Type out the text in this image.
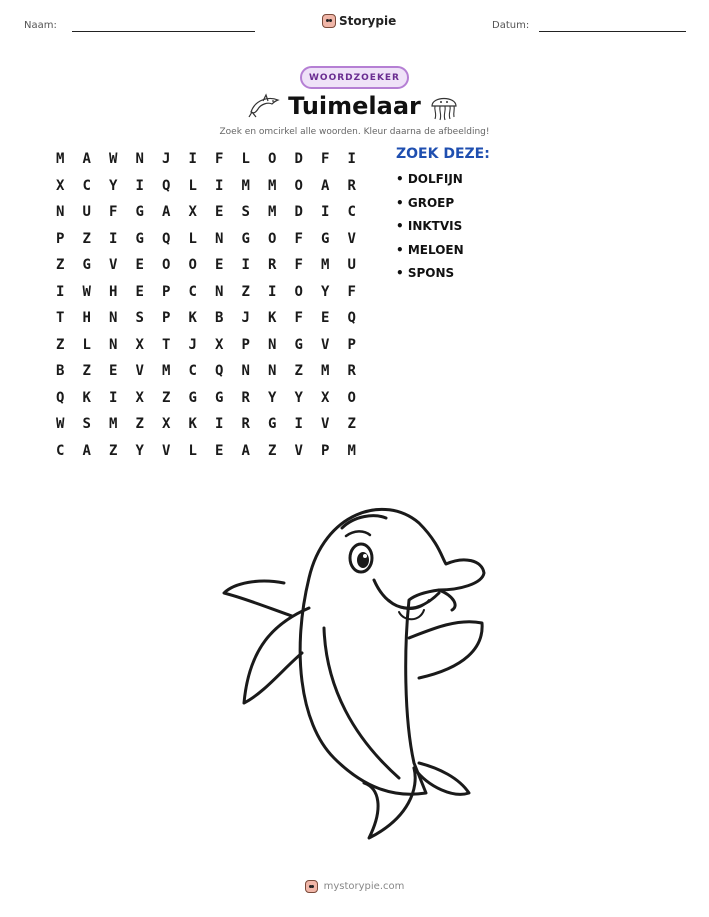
Naam:	Storypie	Datum:
WOORDZOEKER
Tuimelaar
Zoek en omcirkel alle woorden. Kleur daarna de afbeelding!
M	A	W	N	J	I	F	L	O	D	F	I
X	C	Y	I	Q	L	I	M	M	O	A	R
N	U	F	G	A	X	E	S	M	D	I	C
P	Z	I	G	Q	L	N	G	O	F	G	V
Z	G	V	E	O	O	E	I	R	F	M	U
I	W	H	E	P	C	N	Z	I	O	Y	F
T	H	N	S	P	K	B	J	K	F	E	Q
Z	L	N	X	T	J	X	P	N	G	V	P
B	Z	E	V	M	C	Q	N	N	Z	M	R
Q	K	I	X	Z	G	G	R	Y	Y	X	O
W	S	M	Z	X	K	I	R	G	I	V	Z
C	A	Z	Y	V	L	E	A	Z	V	P	M
ZOEK DEZE:
• DOLFIJN
• GROEP
• INKTVIS
• MELOEN
• SPONS
mystorypie.com
